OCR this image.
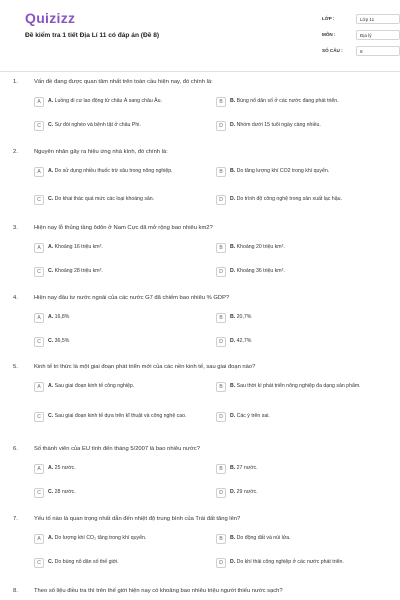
Quizizz
Đề kiểm tra 1 tiết Địa Lí 11 có đáp án (Đề 8)
LỚP :	Lớp 11
MÔN :	Địa lý
SỐ CÂU :	8
1.	Vấn đề đang được quan tâm nhất trên toàn cầu hiện nay, đó chính là:
A	A. Luồng di cư lao động từ châu Á sang châu Âu.	B	B. Bùng nổ dân số ở các nước đang phát triển.
C	C. Sự đói nghèo và bệnh tật ở châu Phi.	D	D. Nhóm dưới 15 tuổi ngày càng nhiều.
2.	Nguyên nhân gây ra hiệu ứng nhà kính, đó chính là:
A	A. Do sử dụng nhiều thuốc trừ sâu trong nông nghiệp.	B	B. Do tăng lượng khí CO2 trong khí quyển.
C	C. Do khai thác quá mức các loại khoáng sản.	D	D. Do trình độ công nghệ trong sản xuất lạc hậu.
3.	Hiện nay lỗ thủng tầng ôdôn ở Nam Cực đã mở rộng bao nhiêu km2?
A	A. Khoảng 16 triệu km².	B	B. Khoảng 20 triệu km².
C	C. Khoảng 28 triệu km².	D	D. Khoảng 36 triệu km².
4.	Hiện nay đầu tư nước ngoài của các nước G7 đã chiếm bao nhiêu % GDP?
A	A. 16,8%	B	B. 20,7%
C	C. 36,5%	D	D. 42,7%
5.	Kinh tế tri thức là một giai đoạn phát triển mới của các nền kinh tế, sau giai đoạn nào?
A	A. Sau giai đoạn kinh tế công nghiệp.	B	B. Sau thời kì phát triển nông nghiệp đa dạng sản phẩm.
C	C. Sau giai đoạn kinh tế dựa trên kĩ thuật và công nghệ cao.	D	D. Các ý trên sai.
6.	Số thành viên của EU tính đến tháng 5/2007 là bao nhiêu nước?
A	A. 25 nước.	B	B. 27 nước.
C	C. 28 nước.	D	D. 29 nước.
7.	Yếu tố nào là quan trọng nhất dẫn đến nhiệt độ trung bình của Trái đất tăng lên?
A	A. Do lượng khí CO₂ tăng trong khí quyển.	B	B. Do động đất và núi lửa.
C	C. Do bùng nổ dân số thế giới.	D	D. Do khí thải công nghiệp ở các nước phát triển.
8.	Theo số liệu điều tra thì trên thế giới hiện nay có khoảng bao nhiêu triệu người thiếu nước sạch?
